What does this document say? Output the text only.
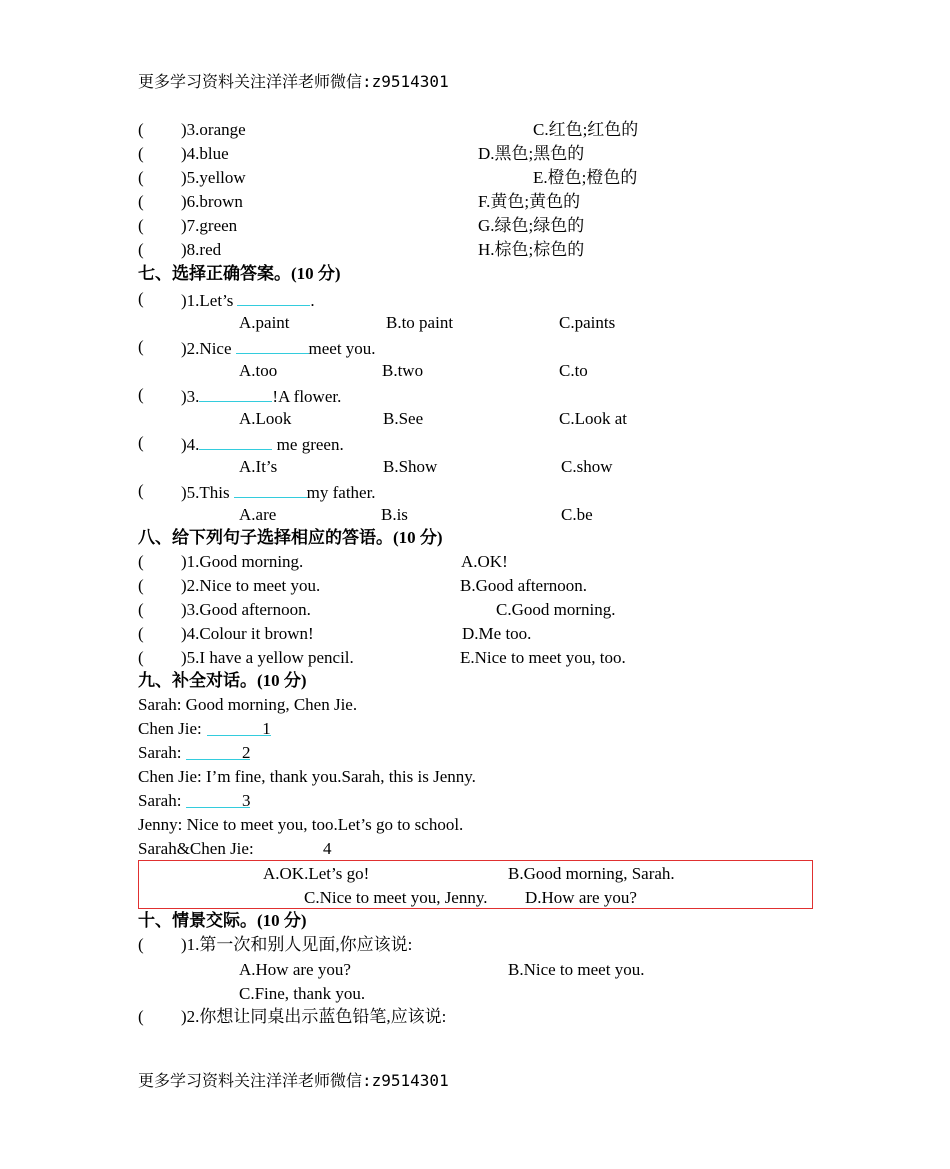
更多学习资料关注洋洋老师微信:z9514301
( )3.orange	C.红色;红色的
( )4.blue	D.黑色;黑色的
( )5.yellow	E.橙色;橙色的
( )6.brown	F.黄色;黄色的
( )7.green	G.绿色;绿色的
( )8.red	H.棕色;棕色的
七、选择正确答案。(10 分)
( )1.Let’s	.
A.paint	B.to paint	C.paints
( )2.Nice	meet you.
A.too	B.two	C.to
( )3.	!A flower.
A.Look	B.See	C.Look at
( )4.	me green.
A.It’s	B.Show	C.show
( )5.This	my father.
A.are	B.is	C.be
八、给下列句子选择相应的答语。(10 分)
( )1.Good morning.	A.OK!
( )2.Nice to meet you.	B.Good afternoon.
( )3.Good afternoon.	C.Good morning.
( )4.Colour it brown!	D.Me too.
( )5.I have a yellow pencil.	E.Nice to meet you, too.
九、补全对话。(10 分)
Sarah: Good morning, Chen Jie.
Chen Jie:	1
Sarah:	2
Chen Jie: I’m fine, thank you.Sarah, this is Jenny.
Sarah:	3
Jenny: Nice to meet you, too.Let’s go to school.
Sarah&Chen Jie:	4
A.OK.Let’s go!	B.Good morning, Sarah.
C.Nice to meet you, Jenny. D.How are you?
十、情景交际。(10 分)
( )1.第一次和别人见面,你应该说:
A.How are you?	B.Nice to meet you.
C.Fine, thank you.
( )2.你想让同桌出示蓝色铅笔,应该说:
更多学习资料关注洋洋老师微信:z9514301
